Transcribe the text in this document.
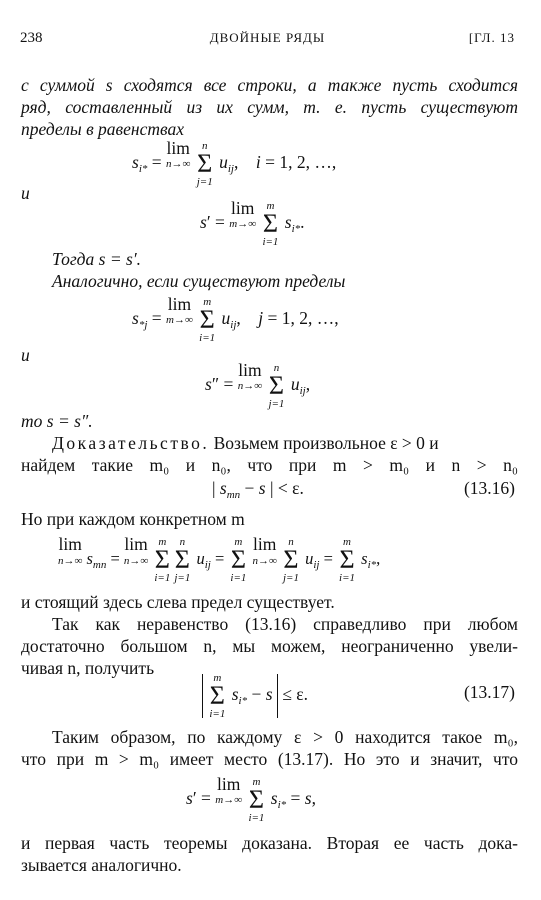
238	ДВОЙНЫЕ РЯДЫ	[ГЛ. 13
с суммой s сходятся все строки, а также пусть сходится
ряд, составленный из их сумм, т. е. пусть существуют
пределы в равенствах
$s_{i*} = \lim$
n→∞

n
Σ
j=1
$u_{ij}$,    i = 1, 2, …,
и
s′ = lim
m→∞

m
Σ
i=1
$s_{i*}$.
Тогда s = s′.
Аналогично, если существуют пределы
$s_{*j} = \lim$
m→∞

m
Σ
i=1
$u_{ij}$,    j = 1, 2, …,
и
s″ = lim
n→∞

n
Σ
j=1
$u_{ij}$,
то s = s″.
Доказательство. Возьмем произвольное ε > 0 и
найдем такие m₀ и n₀, что при m > m₀ и n > n₀
| $s_{mn} - s$ | < ε.	(13.16)
Но при каждом конкретном m
lim
n→∞ $s_{mn} = \lim$
n→∞

m
Σ
i=1
n
Σ
j=1
$u_{ij}$ =
m
Σ
i=1
lim
n→∞

n
Σ
j=1
$u_{ij}$ =
m
Σ
i=1
$s_{i*}$,
и стоящий здесь слева предел существует.
Так как неравенство (13.16) справедливо при любом
достаточно большом n, мы можем, неограниченно увели-
чивая n, получить
	m
Σ
i=1
$s_{i*} - s \le \varepsilon$.	(13.17)
Таким образом, по каждому ε > 0 находится такое m₀,
что при m > m₀ имеет место (13.17). Но это и значит, что
s′ = lim
m→∞

m
Σ
i=1
$s_{i*} = s$,
и первая часть теоремы доказана. Вторая ее часть дока-
зывается аналогично.
